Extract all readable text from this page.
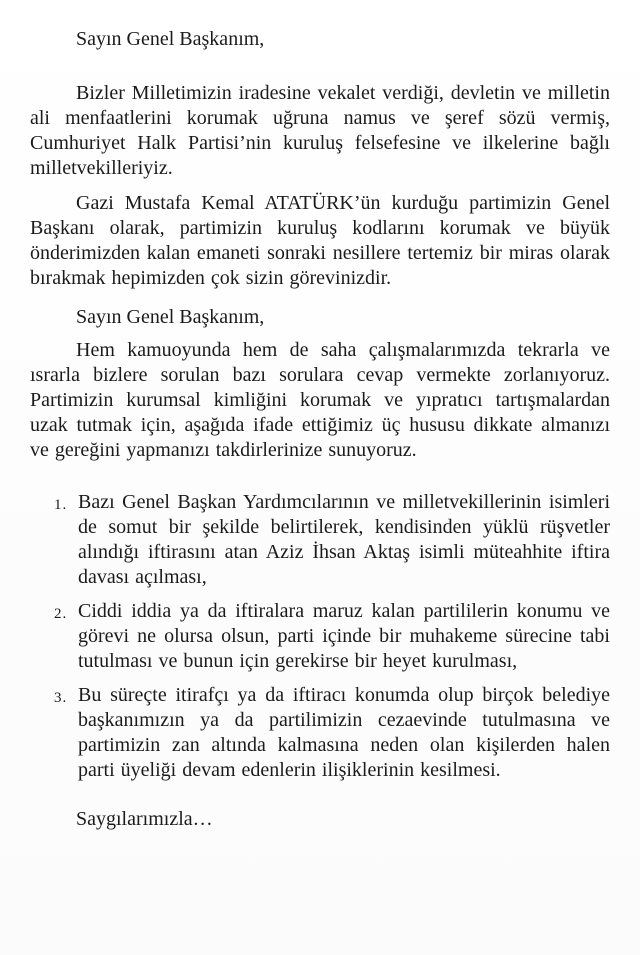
Sayın Genel Başkanım,

Bizler Milletimizin iradesine vekalet verdiği, devletin ve milletin ali menfaatlerini korumak uğruna namus ve şeref sözü vermiş, Cumhuriyet Halk Partisi’nin kuruluş felsefesine ve ilkelerine bağlı milletvekilleriyiz.

Gazi Mustafa Kemal ATATÜRK’ün kurduğu partimizin Genel Başkanı olarak, partimizin kuruluş kodlarını korumak ve büyük önderimizden kalan emaneti sonraki nesillere tertemiz bir miras olarak bırakmak hepimizden çok sizin görevinizdir.

Sayın Genel Başkanım,

Hem kamuoyunda hem de saha çalışmalarımızda tekrarla ve ısrarla bizlere sorulan bazı sorulara cevap vermekte zorlanıyoruz. Partimizin kurumsal kimliğini korumak ve yıpratıcı tartışmalardan uzak tutmak için, aşağıda ifade ettiğimiz üç hususu dikkate almanızı ve gereğini yapmanızı takdirlerinize sunuyoruz.

1. Bazı Genel Başkan Yardımcılarının ve milletvekillerinin isimleri de somut bir şekilde belirtilerek, kendisinden yüklü rüşvetler alındığı iftirasını atan Aziz İhsan Aktaş isimli müteahhite iftira davası açılması,
2. Ciddi iddia ya da iftiralara maruz kalan partililerin konumu ve görevi ne olursa olsun, parti içinde bir muhakeme sürecine tabi tutulması ve bunun için gerekirse bir heyet kurulması,
3. Bu süreçte itirafçı ya da iftiracı konumda olup birçok belediye başkanımızın ya da partilimizin cezaevinde tutulmasına ve partimizin zan altında kalmasına neden olan kişilerden halen parti üyeliği devam edenlerin ilişiklerinin kesilmesi.

Saygılarımızla…
